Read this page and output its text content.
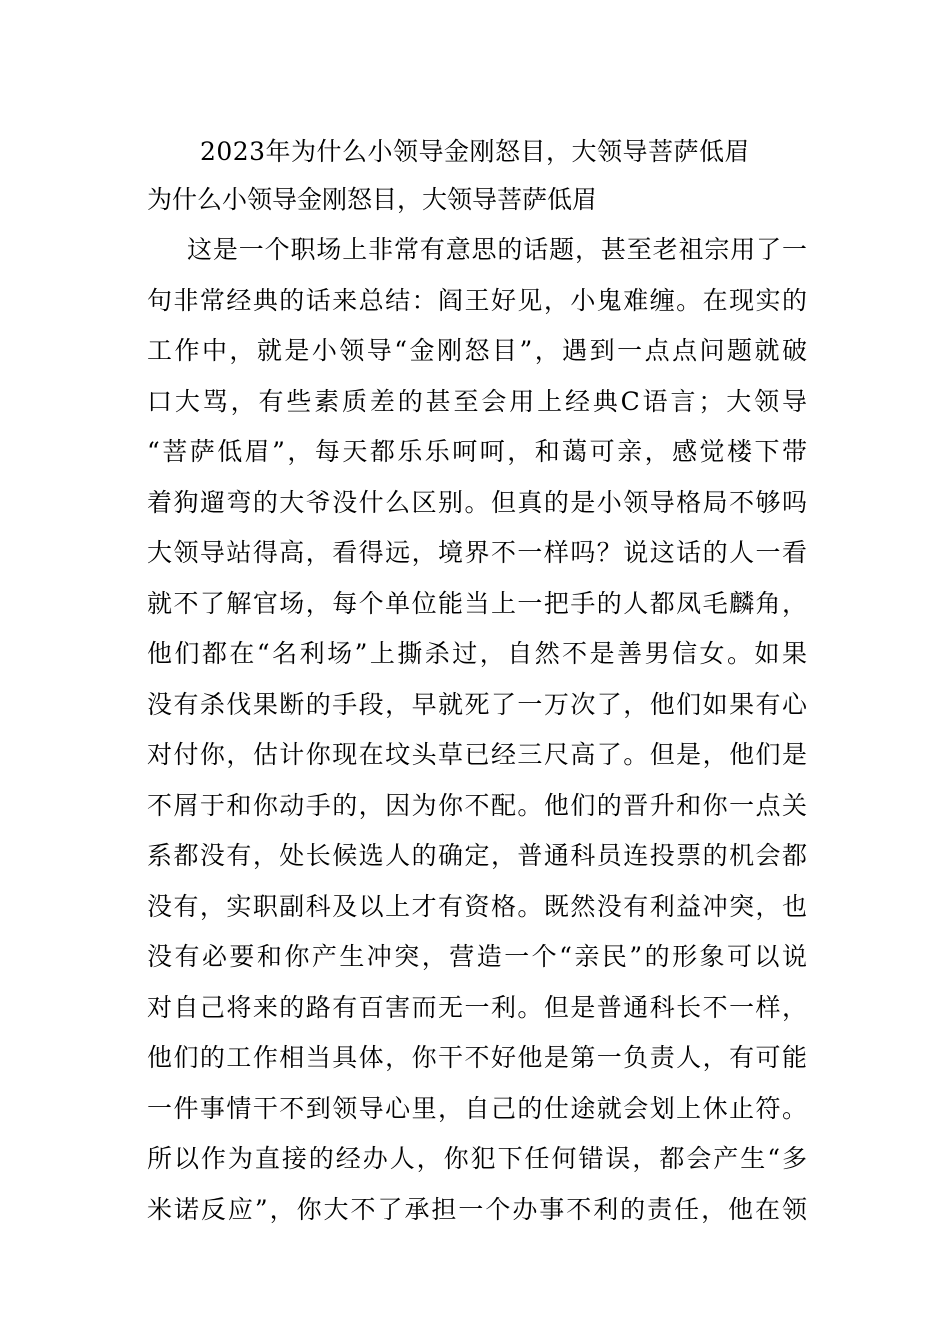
2023年为什么小领导金刚怒目，大领导菩萨低眉
为什么小领导金刚怒目，大领导菩萨低眉
这是一个职场上非常有意思的话题，甚至老祖宗用了一
句非常经典的话来总结：阎王好见，小鬼难缠。在现实的
工作中，就是小领导“金刚怒目”，遇到一点点问题就破
口大骂，有些素质差的甚至会用上经典C语言；大领导
“菩萨低眉”，每天都乐乐呵呵，和蔼可亲，感觉楼下带
着狗遛弯的大爷没什么区别。但真的是小领导格局不够吗
大领导站得高，看得远，境界不一样吗？说这话的人一看
就不了解官场，每个单位能当上一把手的人都凤毛麟角，
他们都在“名利场”上撕杀过，自然不是善男信女。如果
没有杀伐果断的手段，早就死了一万次了，他们如果有心
对付你，估计你现在坟头草已经三尺高了。但是，他们是
不屑于和你动手的，因为你不配。他们的晋升和你一点关
系都没有，处长候选人的确定，普通科员连投票的机会都
没有，实职副科及以上才有资格。既然没有利益冲突，也
没有必要和你产生冲突，营造一个“亲民”的形象可以说
对自己将来的路有百害而无一利。但是普通科长不一样，
他们的工作相当具体，你干不好他是第一负责人，有可能
一件事情干不到领导心里，自己的仕途就会划上休止符。
所以作为直接的经办人，你犯下任何错误，都会产生“多
米诺反应”，你大不了承担一个办事不利的责任，他在领
